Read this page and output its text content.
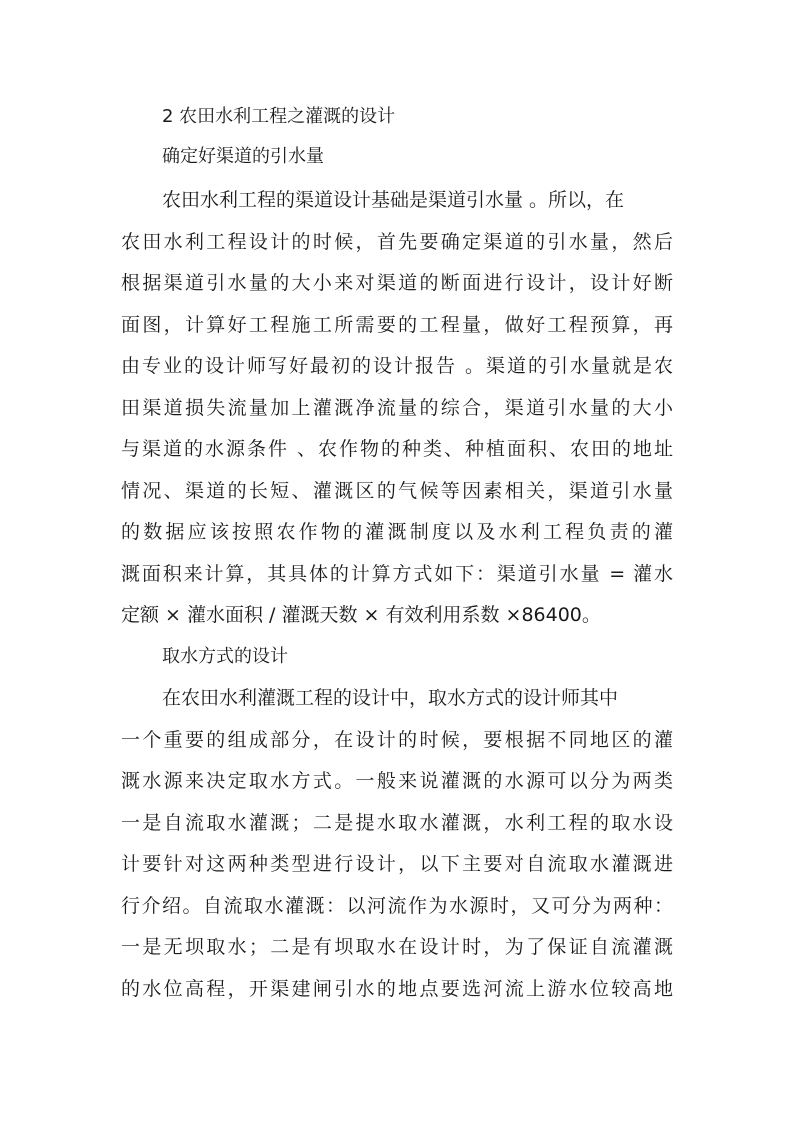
2 农田水利工程之灌溉的设计
确定好渠道的引水量
农田水利工程的渠道设计基础是渠道引水量 。所以，在
农田水利工程设计的时候，首先要确定渠道的引水量，然后
根据渠道引水量的大小来对渠道的断面进行设计，设计好断
面图，计算好工程施工所需要的工程量，做好工程预算，再
由专业的设计师写好最初的设计报告 。渠道的引水量就是农
田渠道损失流量加上灌溉净流量的综合，渠道引水量的大小
与渠道的水源条件 、农作物的种类、种植面积、农田的地址
情况、渠道的长短、灌溉区的气候等因素相关，渠道引水量
的数据应该按照农作物的灌溉制度以及水利工程负责的灌
溉面积来计算，其具体的计算方式如下：渠道引水量 = 灌水
定额 × 灌水面积 / 灌溉天数 × 有效利用系数 ×86400。
取水方式的设计
在农田水利灌溉工程的设计中，取水方式的设计师其中
一个重要的组成部分，在设计的时候，要根据不同地区的灌
溉水源来决定取水方式。一般来说灌溉的水源可以分为两类
一是自流取水灌溉；二是提水取水灌溉，水利工程的取水设
计要针对这两种类型进行设计，以下主要对自流取水灌溉进
行介绍。自流取水灌溉：以河流作为水源时，又可分为两种：
一是无坝取水；二是有坝取水在设计时，为了保证自流灌溉
的水位高程，开渠建闸引水的地点要选河流上游水位较高地
